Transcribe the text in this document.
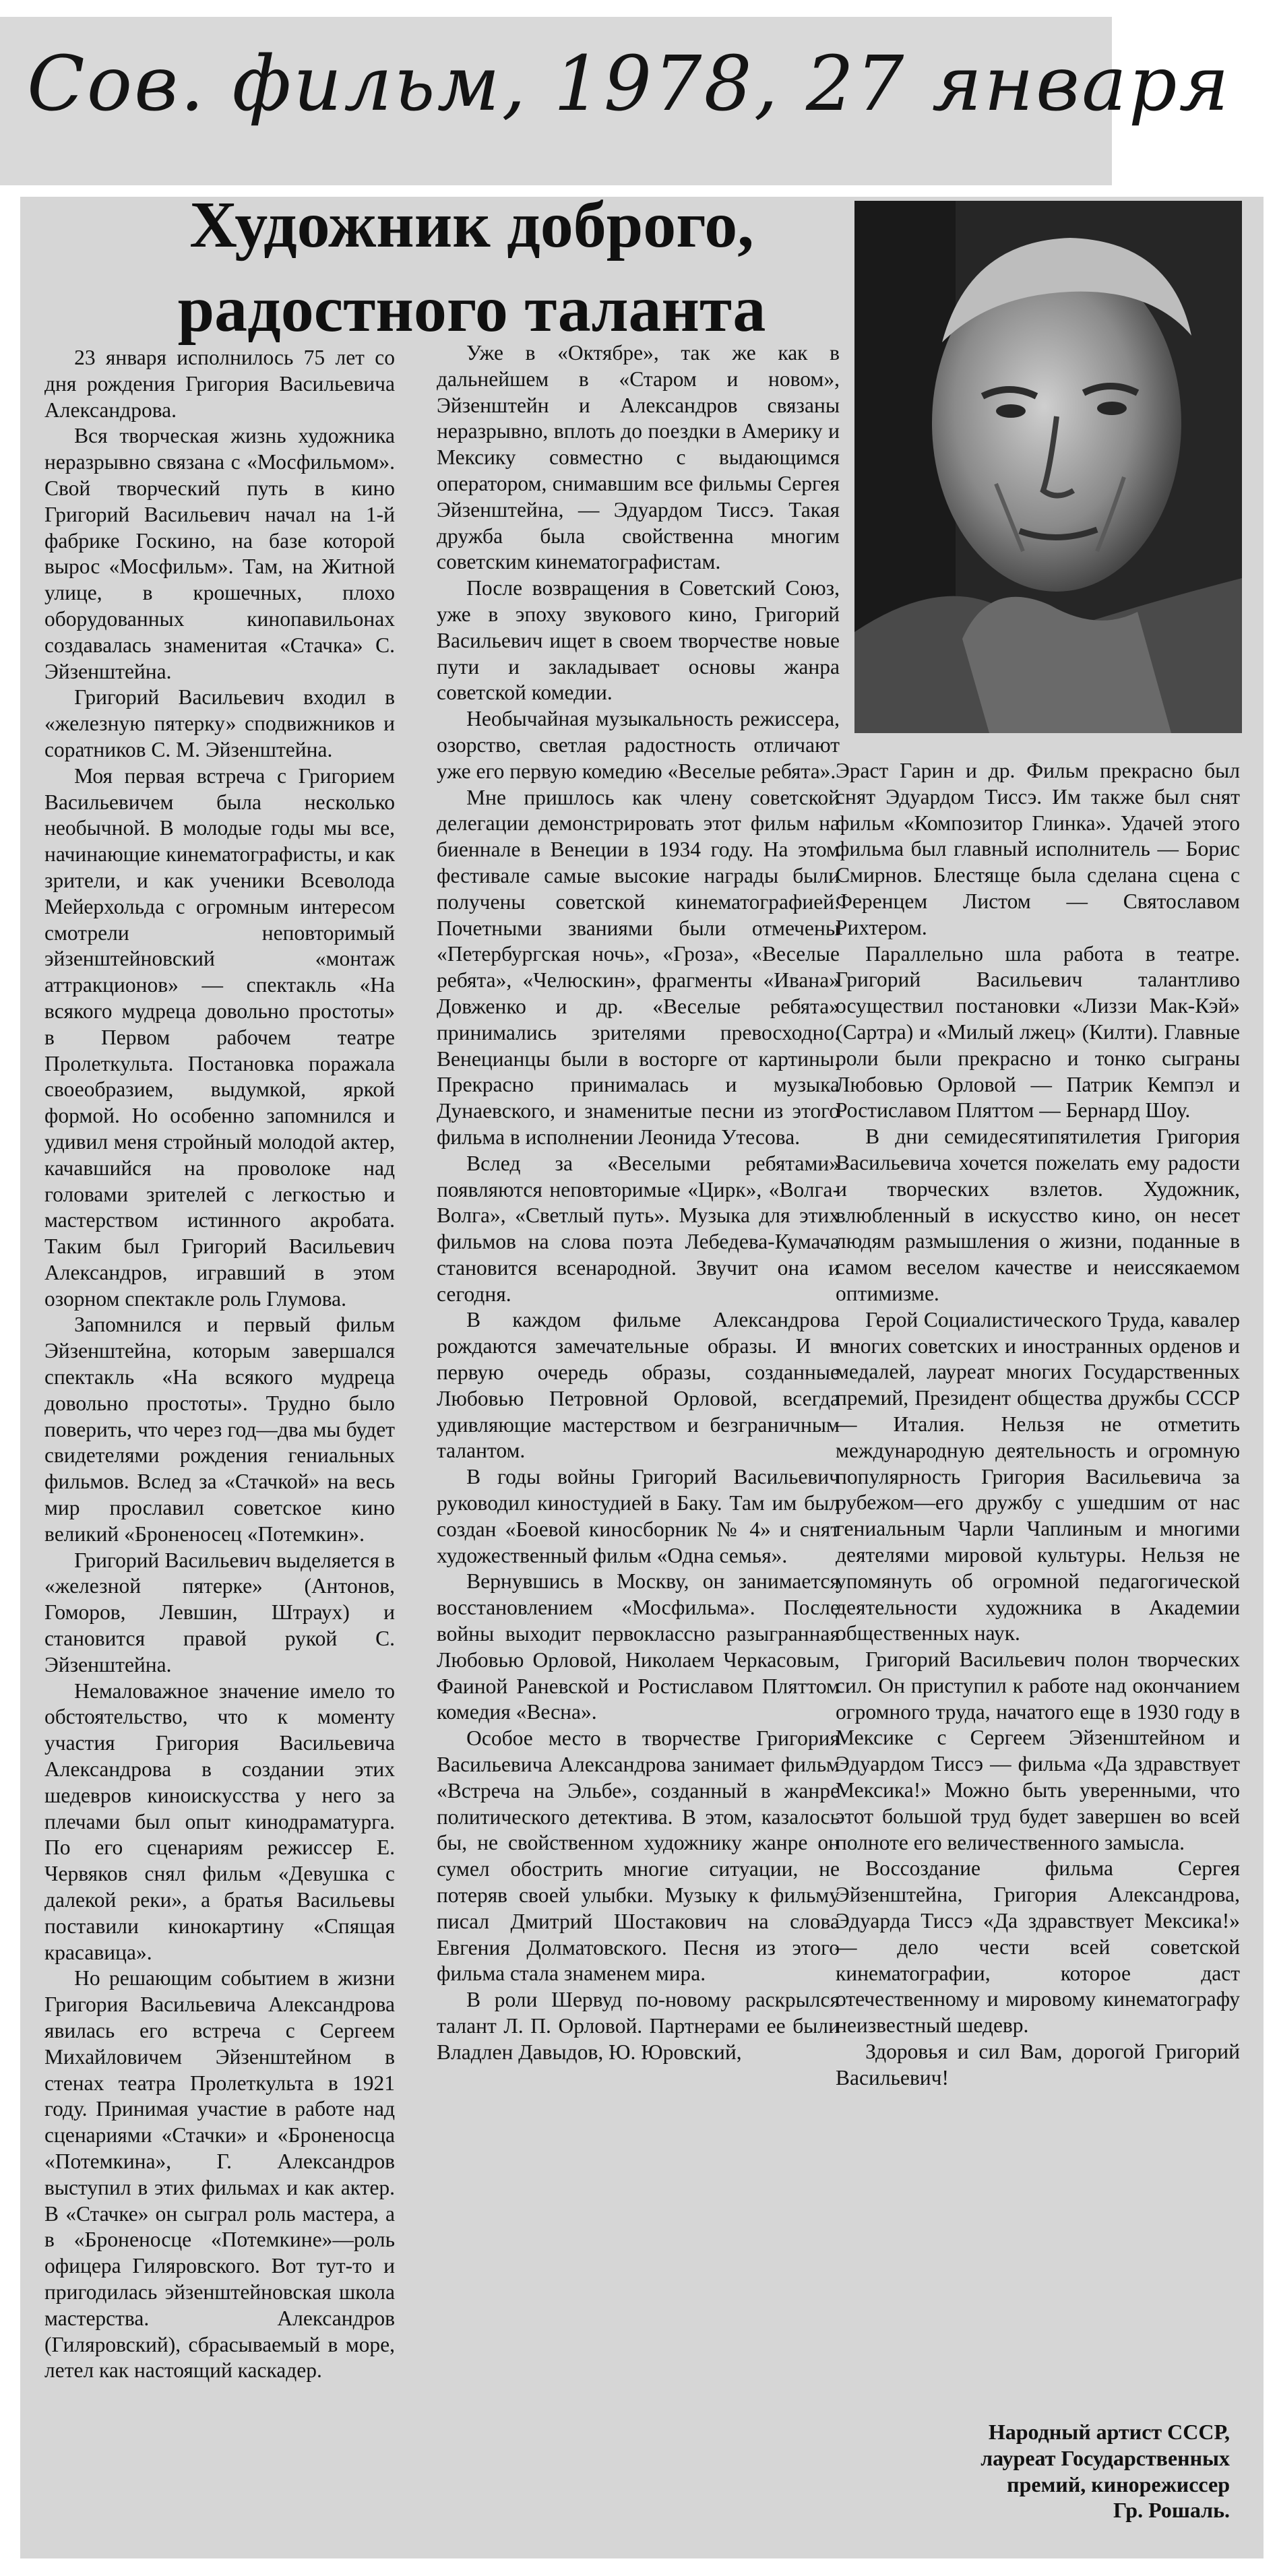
Сов. фильм, 1978, 27 января
Художник доброго, радостного таланта

23 января исполнилось 75 лет со дня рождения Григория Васильевича Александрова.

Вся творческая жизнь художника неразрывно связана с «Мосфильмом». Свой творческий путь в кино Григорий Васильевич начал на 1-й фабрике Госкино, на базе которой вырос «Мосфильм». Там, на Житной улице, в крошечных, плохо оборудованных кинопавильонах создавалась знаменитая «Стачка» С. Эйзенштейна.

Григорий Васильевич входил в «железную пятерку» сподвижников и соратников С. М. Эйзенштейна.

Моя первая встреча с Григорием Васильевичем была несколько необычной. В молодые годы мы все, начинающие кинематографисты, и как зрители, и как ученики Всеволода Мейерхольда с огромным интересом смотрели неповторимый эйзенштейновский «монтаж аттракционов» — спектакль «На всякого мудреца довольно простоты» в Первом рабочем театре Пролеткульта. Постановка поражала своеобразием, выдумкой, яркой формой. Но особенно запомнился и удивил меня стройный молодой актер, качавшийся на проволоке над головами зрителей с легкостью и мастерством истинного акробата. Таким был Григорий Васильевич Александров, игравший в этом озорном спектакле роль Глумова.

Запомнился и первый фильм Эйзенштейна, которым завершался спектакль «На всякого мудреца довольно простоты». Трудно было поверить, что через год—два мы будет свидетелями рождения гениальных фильмов. Вслед за «Стачкой» на весь мир прославил советское кино великий «Броненосец «Потемкин».

Григорий Васильевич выделяется в «железной пятерке» (Антонов, Гоморов, Левшин, Штраух) и становится правой рукой С. Эйзенштейна.

Немаловажное значение имело то обстоятельство, что к моменту участия Григория Васильевича Александрова в создании этих шедевров киноискусства у него за плечами был опыт кинодраматурга. По его сценариям режиссер Е. Червяков снял фильм «Девушка с далекой реки», а братья Васильевы поставили кинокартину «Спящая красавица».

Но решающим событием в жизни Григория Васильевича Александрова явилась его встреча с Сергеем Михайловичем Эйзенштейном в стенах театра Пролеткульта в 1921 году. Принимая участие в работе над сценариями «Стачки» и «Броненосца «Потемкина», Г. Александров выступил в этих фильмах и как актер. В «Стачке» он сыграл роль мастера, а в «Броненосце «Потемкине»—роль офицера Гиляровского. Вот тут-то и пригодилась эйзенштейновская школа мастерства. Александров (Гиляровский), сбрасываемый в море, летел как настоящий каскадер.

Уже в «Октябре», так же как в дальнейшем в «Старом и новом», Эйзенштейн и Александров связаны неразрывно, вплоть до поездки в Америку и Мексику совместно с выдающимся оператором, снимавшим все фильмы Сергея Эйзенштейна, — Эдуардом Тиссэ. Такая дружба была свойственна многим советским кинематографистам.

После возвращения в Советский Союз, уже в эпоху звукового кино, Григорий Васильевич ищет в своем творчестве новые пути и закладывает основы жанра советской комедии.

Необычайная музыкальность режиссера, озорство, светлая радостность отличают уже его первую комедию «Веселые ребята».

Мне пришлось как члену советской делегации демонстрировать этот фильм на биеннале в Венеции в 1934 году. На этом фестивале самые высокие награды были получены советской кинематографией. Почетными званиями были отмечены «Петербургская ночь», «Гроза», «Веселые ребята», «Челюскин», фрагменты «Ивана» Довженко и др. «Веселые ребята» принимались зрителями превосходно. Венецианцы были в восторге от картины. Прекрасно принималась и музыка Дунаевского, и знаменитые песни из этого фильма в исполнении Леонида Утесова.

Вслед за «Веселыми ребятами» появляются неповторимые «Цирк», «Волга-Волга», «Светлый путь». Музыка для этих фильмов на слова поэта Лебедева-Кумача становится всенародной. Звучит она и сегодня.

В каждом фильме Александрова рождаются замечательные образы. И в первую очередь образы, созданные Любовью Петровной Орловой, всегда удивляющие мастерством и безграничным талантом.

В годы войны Григорий Васильевич руководил киностудией в Баку. Там им был создан «Боевой киносборник № 4» и снят художественный фильм «Одна семья».

Вернувшись в Москву, он занимается восстановлением «Мосфильма». После войны выходит первоклассно разыгранная Любовью Орловой, Николаем Черкасовым, Фаиной Раневской и Ростиславом Пляттом комедия «Весна».

Особое место в творчестве Григория Васильевича Александрова занимает фильм «Встреча на Эльбе», созданный в жанре политического детектива. В этом, казалось бы, не свойственном художнику жанре он сумел обострить многие ситуации, не потеряв своей улыбки. Музыку к фильму писал Дмитрий Шостакович на слова Евгения Долматовского. Песня из этого фильма стала знаменем мира.

В роли Шервуд по-новому раскрылся талант Л. П. Орловой. Партнерами ее были Владлен Давыдов, Ю. Юровский,

Эраст Гарин и др. Фильм прекрасно был снят Эдуардом Тиссэ. Им также был снят фильм «Композитор Глинка». Удачей этого фильма был главный исполнитель — Борис Смирнов. Блестяще была сделана сцена с Ференцем Листом — Святославом Рихтером.

Параллельно шла работа в театре. Григорий Васильевич талантливо осуществил постановки «Лиззи Мак-Кэй» (Сартра) и «Милый лжец» (Килти). Главные роли были прекрасно и тонко сыграны Любовью Орловой — Патрик Кемпэл и Ростиславом Пляттом — Бернард Шоу.

В дни семидесятипятилетия Григория Васильевича хочется пожелать ему радости и творческих взлетов. Художник, влюбленный в искусство кино, он несет людям размышления о жизни, поданные в самом веселом качестве и неиссякаемом оптимизме.

Герой Социалистического Труда, кавалер многих советских и иностранных орденов и медалей, лауреат многих Государственных премий, Президент общества дружбы СССР — Италия. Нельзя не отметить международную деятельность и огромную популярность Григория Васильевича за рубежом—его дружбу с ушедшим от нас гениальным Чарли Чаплиным и многими деятелями мировой культуры. Нельзя не упомянуть об огромной педагогической деятельности художника в Академии общественных наук.

Григорий Васильевич полон творческих сил. Он приступил к работе над окончанием огромного труда, начатого еще в 1930 году в Мексике с Сергеем Эйзенштейном и Эдуардом Тиссэ — фильма «Да здравствует Мексика!» Можно быть уверенными, что этот большой труд будет завершен во всей полноте его величественного замысла.

Воссоздание фильма Сергея Эйзенштейна, Григория Александрова, Эдуарда Тиссэ «Да здравствует Мексика!» — дело чести всей советской кинематографии, которое даст отечественному и мировому кинематографу неизвестный шедевр.

Здоровья и сил Вам, дорогой Григорий Васильевич!

Народный артист СССР,
лауреат Государственных
премий, кинорежиссер
Гр. Рошаль.
